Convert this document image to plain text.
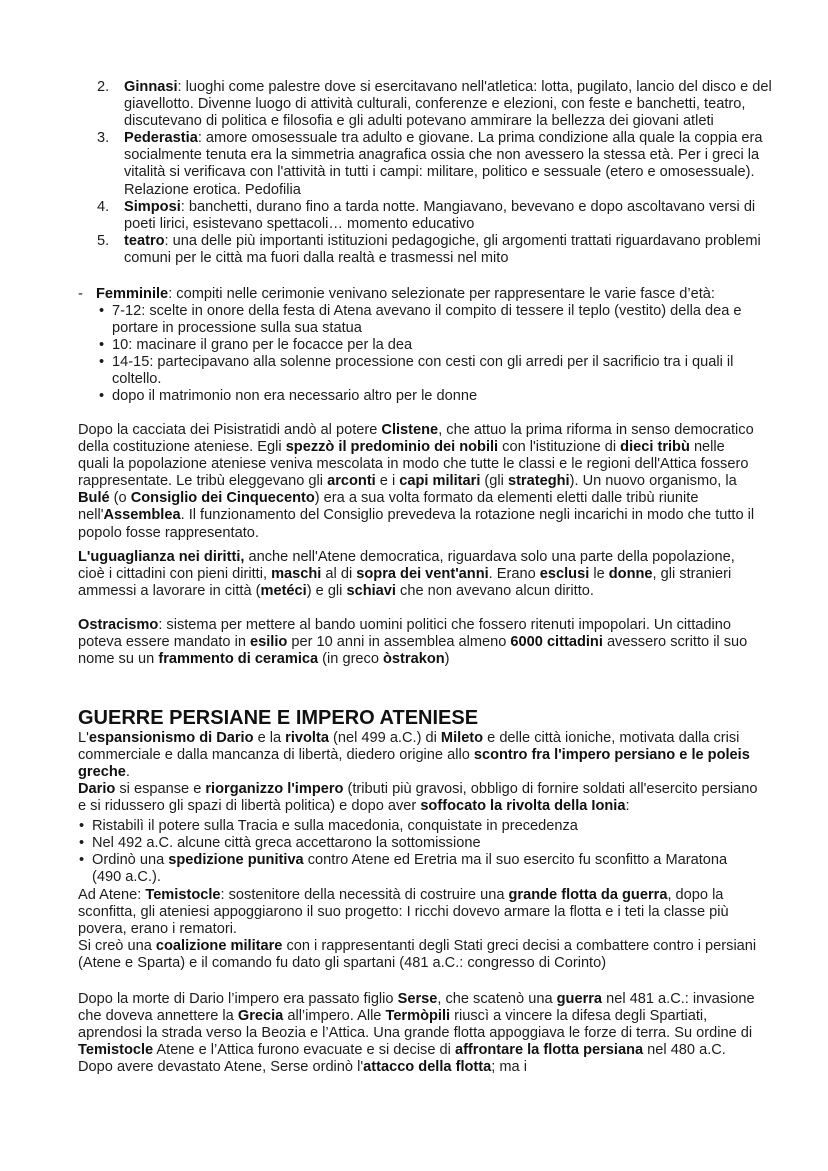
2. Ginnasi: luoghi come palestre dove si esercitavano nell'atletica: lotta, pugilato, lancio del disco e del giavellotto. Divenne luogo di attività culturali, conferenze e elezioni, con feste e banchetti, teatro, discutevano di politica e filosofia e gli adulti potevano ammirare la bellezza dei giovani atleti
3. Pederastia: amore omosessuale tra adulto e giovane. La prima condizione alla quale la coppia era socialmente tenuta era la simmetria anagrafica ossia che non avessero la stessa età. Per i greci la vitalità si verificava con l'attività in tutti i campi: militare, politico e sessuale (etero e omosessuale). Relazione erotica. Pedofilia
4. Simposi: banchetti, durano fino a tarda notte. Mangiavano, bevevano e dopo ascoltavano versi di poeti lirici, esistevano spettacoli… momento educativo
5. teatro: una delle più importanti istituzioni pedagogiche, gli argomenti trattati riguardavano problemi comuni per le città ma fuori dalla realtà e trasmessi nel mito
- Femminile: compiti nelle cerimonie venivano selezionate per rappresentare le varie fasce d’età:
• 7-12: scelte in onore della festa di Atena avevano il compito di tessere il teplo (vestito) della dea e portare in processione sulla sua statua
• 10: macinare il grano per le focacce per la dea
• 14-15: partecipavano alla solenne processione con cesti con gli arredi per il sacrificio tra i quali il coltello.
• dopo il matrimonio non era necessario altro per le donne
Dopo la cacciata dei Pisistratidi andò al potere Clistene, che attuo la prima riforma in senso democratico della costituzione ateniese. Egli spezzò il predominio dei nobili con l'istituzione di dieci tribù nelle quali la popolazione ateniese veniva mescolata in modo che tutte le classi e le regioni dell'Attica fossero rappresentate. Le tribù eleggevano gli arconti e i capi militari (gli strateghi). Un nuovo organismo, la Bulé (o Consiglio dei Cinquecento) era a sua volta formato da elementi eletti dalle tribù riunite nell'Assemblea. Il funzionamento del Consiglio prevedeva la rotazione negli incarichi in modo che tutto il popolo fosse rappresentato.
L'uguaglianza nei diritti, anche nell'Atene democratica, riguardava solo una parte della popolazione, cioè i cittadini con pieni diritti, maschi al di sopra dei vent'anni. Erano esclusi le donne, gli stranieri ammessi a lavorare in città (metéci) e gli schiavi che non avevano alcun diritto.
Ostracismo: sistema per mettere al bando uomini politici che fossero ritenuti impopolari. Un cittadino poteva essere mandato in esilio per 10 anni in assemblea almeno 6000 cittadini avessero scritto il suo nome su un frammento di ceramica (in greco òstrakon)
GUERRE PERSIANE E IMPERO ATENIESE
L'espansionismo di Dario e la rivolta (nel 499 a.C.) di Mileto e delle città ioniche, motivata dalla crisi commerciale e dalla mancanza di libertà, diedero origine allo scontro fra l'impero persiano e le poleis greche.
Dario si espanse e riorganizzo l'impero (tributi più gravosi, obbligo di fornire soldati all'esercito persiano e si ridussero gli spazi di libertà politica) e dopo aver soffocato la rivolta della Ionia:
• Ristabilì il potere sulla Tracia e sulla macedonia, conquistate in precedenza
• Nel 492 a.C. alcune città greca accettarono la sottomissione
• Ordinò una spedizione punitiva contro Atene ed Eretria ma il suo esercito fu sconfitto a Maratona (490 a.C.).
Ad Atene: Temistocle: sostenitore della necessità di costruire una grande flotta da guerra, dopo la sconfitta, gli ateniesi appoggiarono il suo progetto: I ricchi dovevo armare la flotta e i teti la classe più povera, erano i rematori.
Si creò una coalizione militare con i rappresentanti degli Stati greci decisi a combattere contro i persiani (Atene e Sparta) e il comando fu dato gli spartani (481 a.C.: congresso di Corinto)
Dopo la morte di Dario l’impero era passato figlio Serse, che scatenò una guerra nel 481 a.C.: invasione che doveva annettere la Grecia all’impero. Alle Termòpili riuscì a vincere la difesa degli Spartiati, aprendosi la strada verso la Beozia e l’Attica. Una grande flotta appoggiava le forze di terra. Su ordine di Temistocle Atene e l’Attica furono evacuate e si decise di affrontare la flotta persiana nel 480 a.C. Dopo avere devastato Atene, Serse ordinò l'attacco della flotta; ma i
